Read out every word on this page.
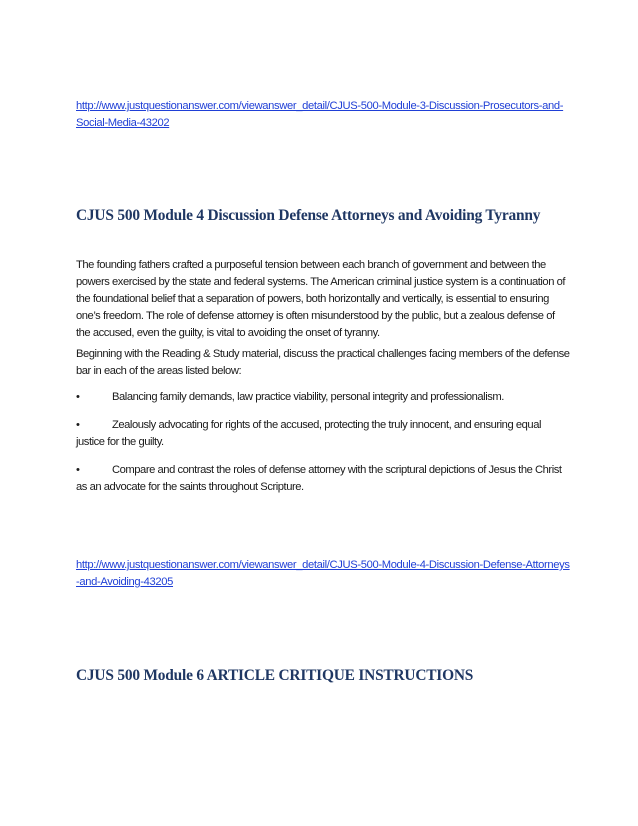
http://www.justquestionanswer.com/viewanswer_detail/CJUS-500-Module-3-Discussion-Prosecutors-and-Social-Media-43202
CJUS 500 Module 4 Discussion Defense Attorneys and Avoiding Tyranny

The founding fathers crafted a purposeful tension between each branch of government and between the powers exercised by the state and federal systems. The American criminal justice system is a continuation of the foundational belief that a separation of powers, both horizontally and vertically, is essential to ensuring one’s freedom. The role of defense attorney is often misunderstood by the public, but a zealous defense of the accused, even the guilty, is vital to avoiding the onset of tyranny.

Beginning with the Reading & Study material, discuss the practical challenges facing members of the defense bar in each of the areas listed below:

•	Balancing family demands, law practice viability, personal integrity and professionalism.
•	Zealously advocating for rights of the accused, protecting the truly innocent, and ensuring equal justice for the guilty.
•	Compare and contrast the roles of defense attorney with the scriptural depictions of Jesus the Christ as an advocate for the saints throughout Scripture.
http://www.justquestionanswer.com/viewanswer_detail/CJUS-500-Module-4-Discussion-Defense-Attorneys-and-Avoiding-43205
CJUS 500 Module 6 ARTICLE CRITIQUE INSTRUCTIONS
